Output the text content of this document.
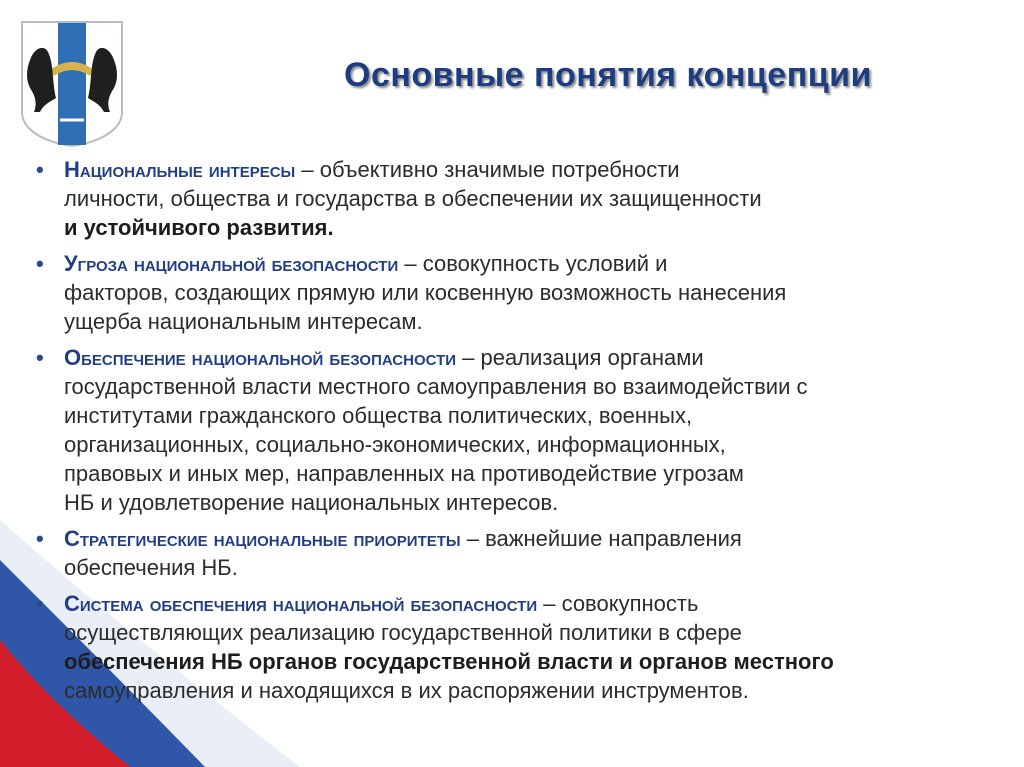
Основные понятия концепции
• Национальные интересы – объективно значимые потребности
личности, общества и государства в обеспечении их защищенности
и устойчивого развития.
• Угроза национальной безопасности – совокупность условий и
факторов, создающих прямую или косвенную возможность нанесения
ущерба национальным интересам.
• Обеспечение национальной безопасности – реализация органами
государственной власти местного самоуправления во взаимодействии с
институтами гражданского общества политических, военных,
организационных, социально-экономических, информационных,
правовых и иных мер, направленных на противодействие угрозам
НБ и удовлетворение национальных интересов.
• Стратегические национальные приоритеты – важнейшие направления
обеспечения НБ.
• Система обеспечения национальной безопасности – совокупность
осуществляющих реализацию государственной политики в сфере
обеспечения НБ органов государственной власти и органов местного
самоуправления и находящихся в их распоряжении инструментов.
